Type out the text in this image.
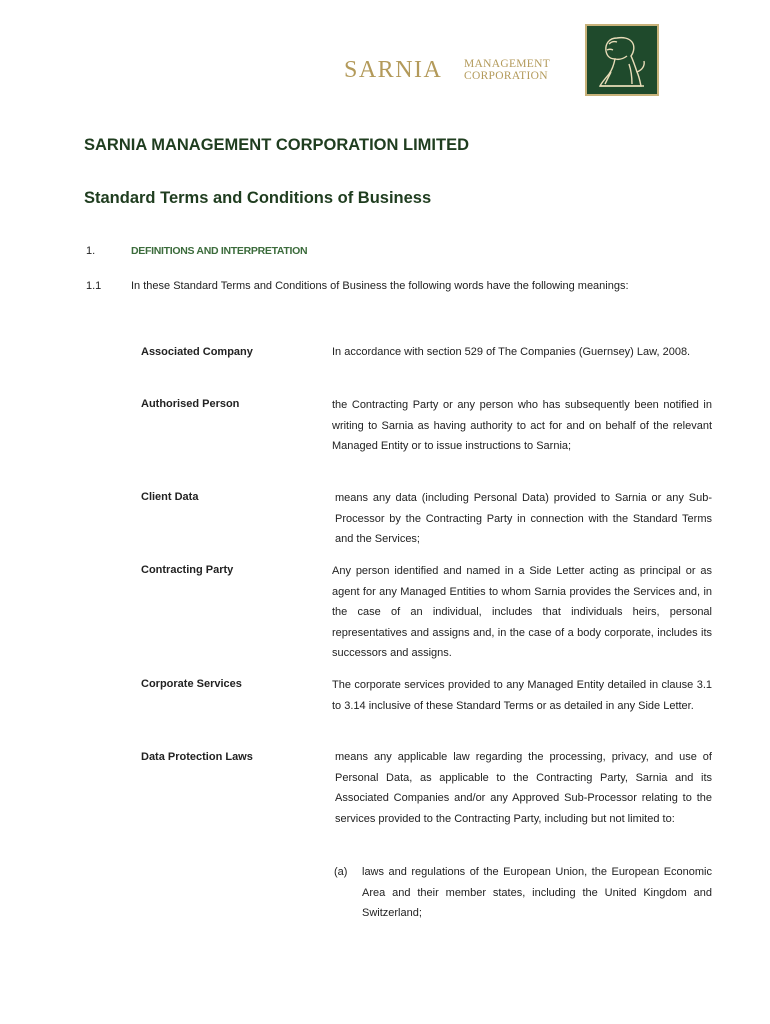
SARNIA MANAGEMENT
CORPORATION
SARNIA MANAGEMENT CORPORATION LIMITED
Standard Terms and Conditions of Business
1.	DEFINITIONS AND INTERPRETATION
1.1	In these Standard Terms and Conditions of Business the following words have the following meanings:
Associated Company	In accordance with section 529 of The Companies (Guernsey) Law, 2008.
Authorised Person	the Contracting Party or any person who has subsequently been notified in writing to Sarnia as having authority to act for and on behalf of the relevant Managed Entity or to issue instructions to Sarnia;
Client Data	means any data (including Personal Data) provided to Sarnia or any Sub-Processor by the Contracting Party in connection with the Standard Terms and the Services;
Contracting Party	Any person identified and named in a Side Letter acting as principal or as agent for any Managed Entities to whom Sarnia provides the Services and, in the case of an individual, includes that individuals heirs, personal representatives and assigns and, in the case of a body corporate, includes its successors and assigns.
Corporate Services	The corporate services provided to any Managed Entity detailed in clause 3.1 to 3.14 inclusive of these Standard Terms or as detailed in any Side Letter.
Data Protection Laws	means any applicable law regarding the processing, privacy, and use of Personal Data, as applicable to the Contracting Party, Sarnia and its Associated Companies and/or any Approved Sub-Processor relating to the services provided to the Contracting Party, including but not limited to:
(a) laws and regulations of the European Union, the European Economic Area and their member states, including the United Kingdom and Switzerland;
